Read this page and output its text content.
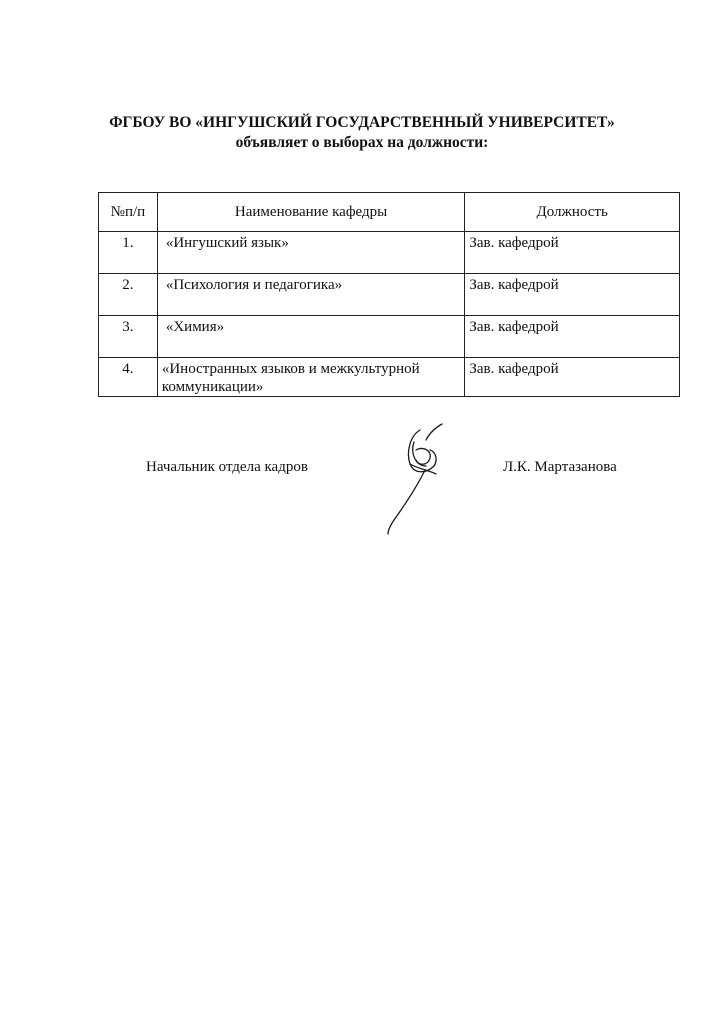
ФГБОУ ВО «ИНГУШСКИЙ ГОСУДАРСТВЕННЫЙ УНИВЕРСИТЕТ»
объявляет о выборах на должности:
№п/п	Наименование кафедры	Должность
1.	«Ингушский язык»	Зав. кафедрой
2.	«Психология и педагогика»	Зав. кафедрой
3.	«Химия»	Зав. кафедрой
4.	«Иностранных языков и межкультурной коммуникации»	Зав. кафедрой
Начальник отдела кадров	Л.К. Мартазанова
